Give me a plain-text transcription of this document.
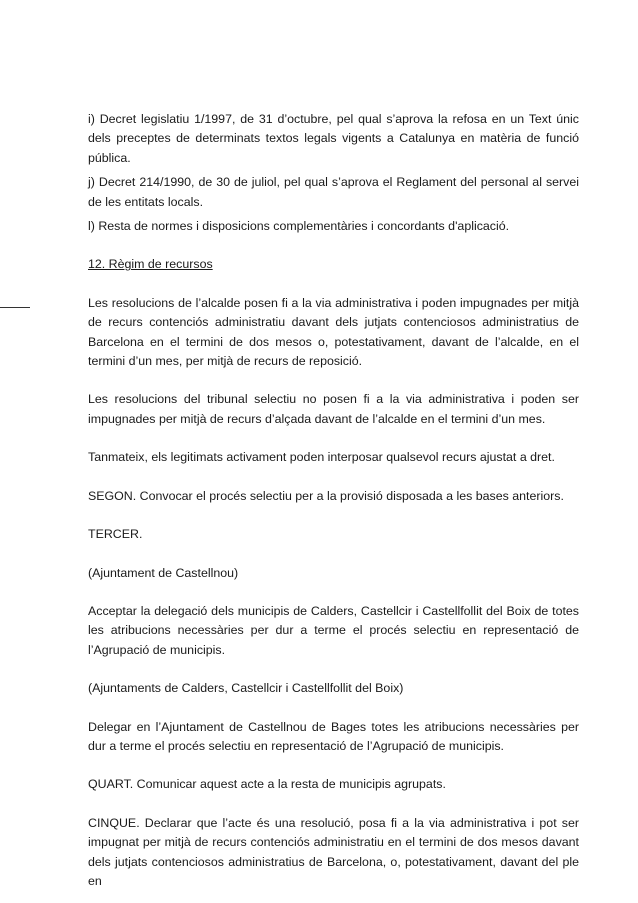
i) Decret legislatiu 1/1997, de 31 d’octubre, pel qual s’aprova la refosa en un Text únic dels preceptes de determinats textos legals vigents a Catalunya en matèria de funció pública.

j) Decret 214/1990, de 30 de juliol, pel qual s’aprova el Reglament del personal al servei de les entitats locals.

l) Resta de normes i disposicions complementàries i concordants d'aplicació.

12. Règim de recursos

Les resolucions de l’alcalde posen fi a la via administrativa i poden impugnades per mitjà de recurs contenciós administratiu davant dels jutjats contenciosos administratius de Barcelona en el termini de dos mesos o, potestativament, davant de l’alcalde, en el termini d’un mes, per mitjà de recurs de reposició.

Les resolucions del tribunal selectiu no posen fi a la via administrativa i poden ser impugnades per mitjà de recurs d’alçada davant de l’alcalde en el termini d’un mes.

Tanmateix, els legitimats activament poden interposar qualsevol recurs ajustat a dret.

SEGON. Convocar el procés selectiu per a la provisió disposada a les bases anteriors.

TERCER.

(Ajuntament de Castellnou)

Acceptar la delegació dels municipis de Calders, Castellcir i Castellfollit del Boix de totes les atribucions necessàries per dur a terme el procés selectiu en representació de l’Agrupació de municipis.

(Ajuntaments de Calders, Castellcir i Castellfollit del Boix)

Delegar en l’Ajuntament de Castellnou de Bages totes les atribucions necessàries per dur a terme el procés selectiu en representació de l’Agrupació de municipis.

QUART. Comunicar aquest acte a la resta de municipis agrupats.

CINQUE. Declarar que l’acte és una resolució, posa fi a la via administrativa i pot ser impugnat per mitjà de recurs contenciós administratiu en el termini de dos mesos davant dels jutjats contenciosos administratius de Barcelona, o, potestativament, davant del ple en
